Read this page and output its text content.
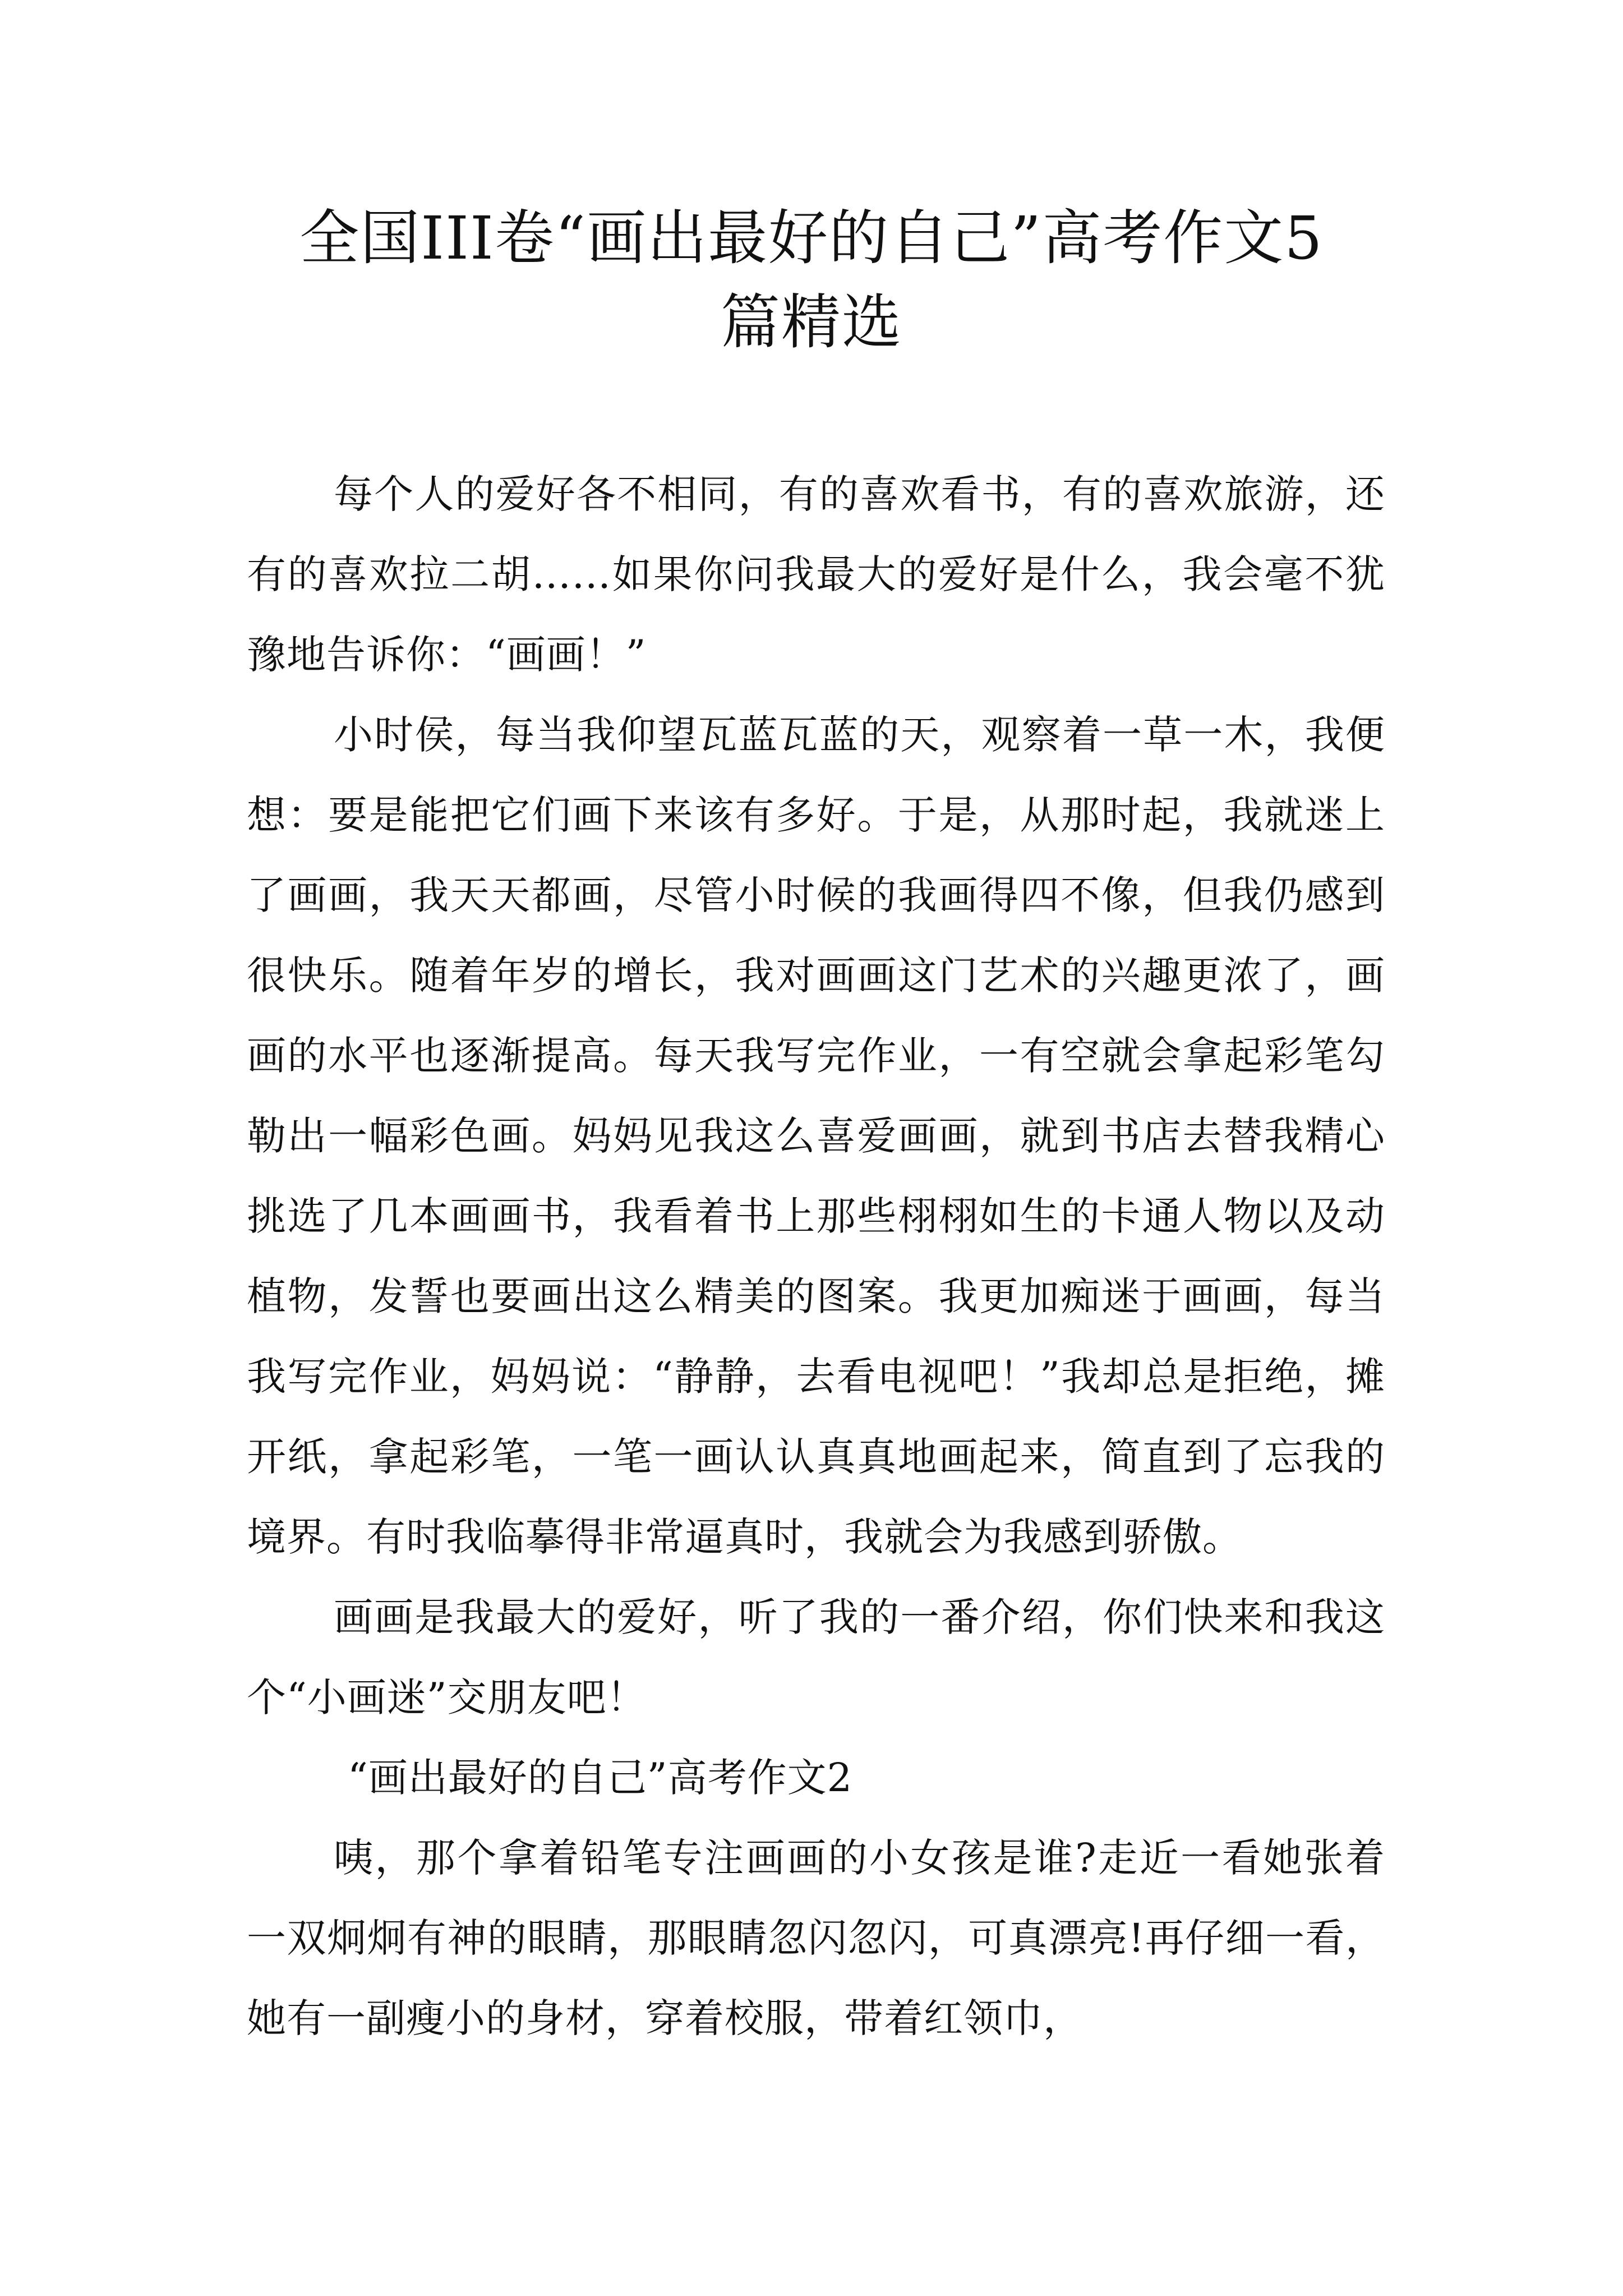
全国III卷“画出最好的自己”高考作文5
篇精选

每个人的爱好各不相同，有的喜欢看书，有的喜欢旅游，还有的喜欢拉二胡……如果你问我最大的爱好是什么，我会毫不犹豫地告诉你：“画画！”

小时侯，每当我仰望瓦蓝瓦蓝的天，观察着一草一木，我便想：要是能把它们画下来该有多好。于是，从那时起，我就迷上了画画，我天天都画，尽管小时候的我画得四不像，但我仍感到很快乐。随着年岁的增长，我对画画这门艺术的兴趣更浓了，画画的水平也逐渐提高。每天我写完作业，一有空就会拿起彩笔勾勒出一幅彩色画。妈妈见我这么喜爱画画，就到书店去替我精心挑选了几本画画书，我看着书上那些栩栩如生的卡通人物以及动植物，发誓也要画出这么精美的图案。我更加痴迷于画画，每当我写完作业，妈妈说：“静静，去看电视吧！”我却总是拒绝，摊开纸，拿起彩笔，一笔一画认认真真地画起来，简直到了忘我的境界。有时我临摹得非常逼真时，我就会为我感到骄傲。

画画是我最大的爱好，听了我的一番介绍，你们快来和我这个“小画迷”交朋友吧！

“画出最好的自己”高考作文2

咦，那个拿着铅笔专注画画的小女孩是谁?走近一看她张着一双炯炯有神的眼睛，那眼睛忽闪忽闪，可真漂亮!再仔细一看，她有一副瘦小的身材，穿着校服，带着红领巾，
